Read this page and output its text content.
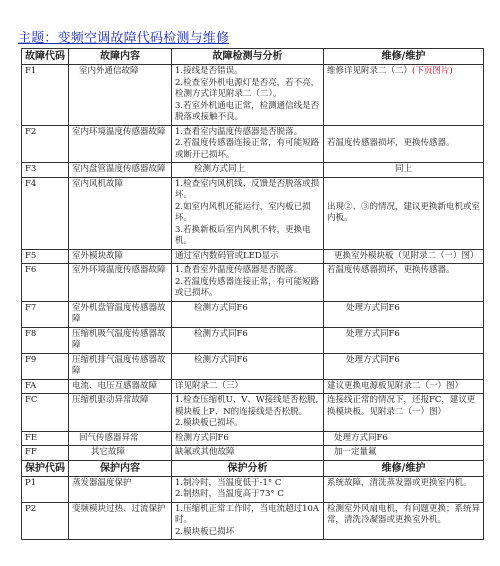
主题：变频空调故障代码检测与维修
故障代码	故障内容	故障检测与分析	维修/维护
F1	室内外通信故障	1.接线是否错误。
2.检查室外机电源灯是否亮，若不亮，检测方式详见附录二（二）。
3.若室外机通电正常，检测通信线是否脱落或接触不良。	维修详见附录二（二）(下页图片)
F2	室内环境温度传感器故障	1.查看室内温度传感器是否脱落。
2.若温度传感器连接正常，有可能短路或断开已损坏。	若温度传感器损坏，更换传感器。
F3	室内盘管温度传感器故障	检测方式同上	同上
F4	室内风机故障	1.检查室内风机线、反馈是否脱落或损坏。
2.如室内风机还能运行，室内板已损坏。
3.若换新板后室内风机不转，更换电机。	出现②、③的情况，建议更换新电机或室内板。
F5	室外模块故障	通过室内数码管或LED显示	更换室外模块板（见附录二（一）图）
F6	室外环境温度传感器故障	1.查看室外温度传感器是否脱落。
2.若温度传感器连接正常，有可能短路或已损坏。	若温度传感器损坏，更换传感器。
F7	室外机盘管温度传感器故障	检测方式同F6	处理方式同F6
F8	压缩机吸气温度传感器故障	检测方式同F6	处理方式同F6
F9	压缩机排气温度传感器故障	检测方式同F6	处理方式同F6
FA	电流、电压互感器故障	详见附录二（三）	建议更换电源板见附录二（一）图）
FC	压缩机驱动异常故障	1.检查压缩机U、V、W接线是否松脱,模块板上P、N的连接线是否松脱。
2.模块板已损坏。	连接线正常的情况下，还报FC，建议更换模块板。见附录二（一）图）
FE	回气传感器异常	检测方式同F6	处理方式同F6
FF	其它故障	缺氟或其他故障	加一定量氟
保护代码	保护内容	保护分析	维修/维护
P1	蒸发器温度保护	1.制冷时，当温度低于-1° C
2.制热时，当温度高于73° C	系统故障，清洗蒸发器或更换室内机。
P2	变频模块过热、过流保护	1.压缩机正常工作时，当电流超过10A时。
2.模块板已损坏	检测室外风扇电机，有问题更换；系统异常，清洗冷凝器或更换室外机。
